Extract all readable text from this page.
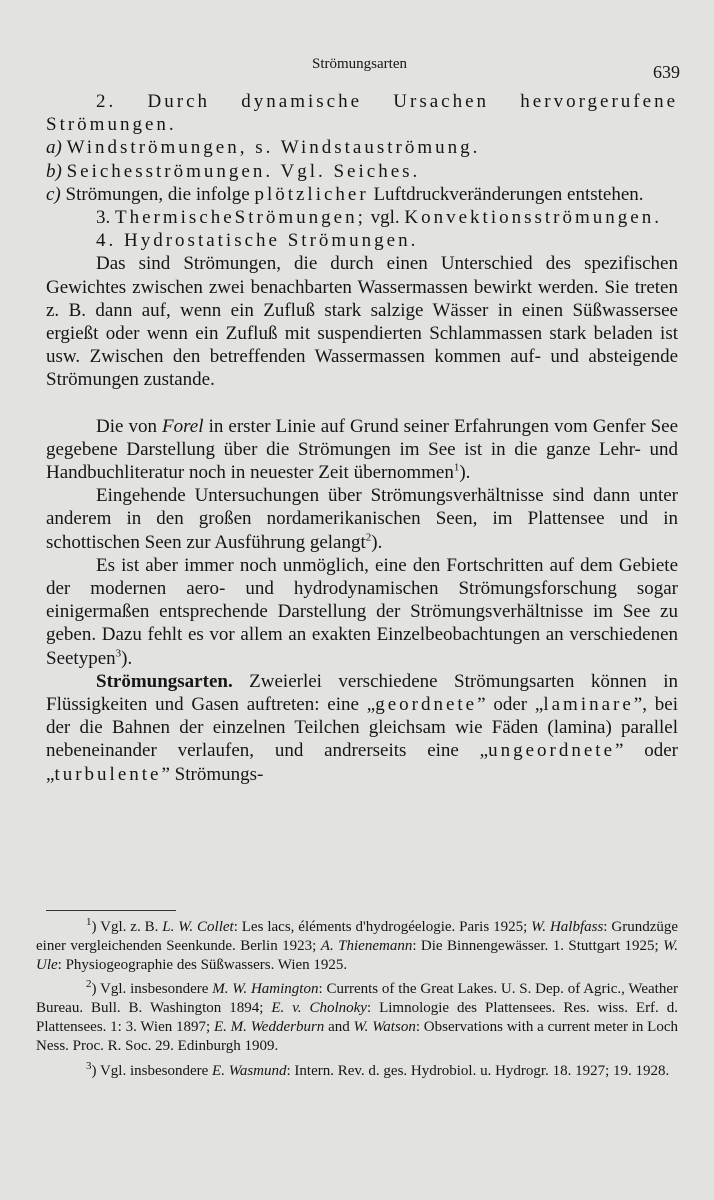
Strömungsarten	639

2. Durch dynamische Ursachen hervorgerufene Strömungen.

a) Windströmungen, s. Windstauströmung.

b) Seichesströmungen. Vgl. Seiches.

c) Strömungen, die infolge plötzlicher Luftdruckveränderungen entstehen.

3. ThermischeStrömungen; vgl. Konvektionsströmungen.

4. Hydrostatische Strömungen.

Das sind Strömungen, die durch einen Unterschied des spezifischen Gewichtes zwischen zwei benachbarten Wassermassen bewirkt werden. Sie treten z. B. dann auf, wenn ein Zufluß stark salzige Wässer in einen Süßwassersee ergießt oder wenn ein Zufluß mit suspendierten Schlammassen stark beladen ist usw. Zwischen den betreffenden Wassermassen kommen auf- und absteigende Strömungen zustande.

Die von Forel in erster Linie auf Grund seiner Erfahrungen vom Genfer See gegebene Darstellung über die Strömungen im See ist in die ganze Lehr- und Handbuchliteratur noch in neuester Zeit übernommen$^1$).

Eingehende Untersuchungen über Strömungsverhältnisse sind dann unter anderem in den großen nordamerikanischen Seen, im Plattensee und in schottischen Seen zur Ausführung gelangt$^2$).

Es ist aber immer noch unmöglich, eine den Fortschritten auf dem Gebiete der modernen aero- und hydrodynamischen Strömungsforschung sogar einigermaßen entsprechende Darstellung der Strömungsverhältnisse im See zu geben. Dazu fehlt es vor allem an exakten Einzelbeobachtungen an verschiedenen Seetypen$^3$).

Strömungsarten. Zweierlei verschiedene Strömungsarten können in Flüssigkeiten und Gasen auftreten: eine „geordnete” oder „laminare”, bei der die Bahnen der einzelnen Teilchen gleichsam wie Fäden (lamina) parallel nebeneinander verlaufen, und andrerseits eine „ungeordnete” oder „turbulente” Strömungs-

$^1$) Vgl. z. B. L. W. Collet: Les lacs, éléments d'hydrogéelogie. Paris 1925; W. Halbfass: Grundzüge einer vergleichenden Seenkunde. Berlin 1923; A. Thienemann: Die Binnengewässer. 1. Stuttgart 1925; W. Ule: Physiogeographie des Süßwassers. Wien 1925.

$^2$) Vgl. insbesondere M. W. Hamington: Currents of the Great Lakes. U. S. Dep. of Agric., Weather Bureau. Bull. B. Washington 1894; E. v. Cholnoky: Limnologie des Plattensees. Res. wiss. Erf. d. Plattensees. 1: 3. Wien 1897; E. M. Wedderburn and W. Watson: Observations with a current meter in Loch Ness. Proc. R. Soc. 29. Edinburgh 1909.

$^3$) Vgl. insbesondere E. Wasmund: Intern. Rev. d. ges. Hydrobiol. u. Hydrogr. 18. 1927; 19. 1928.
